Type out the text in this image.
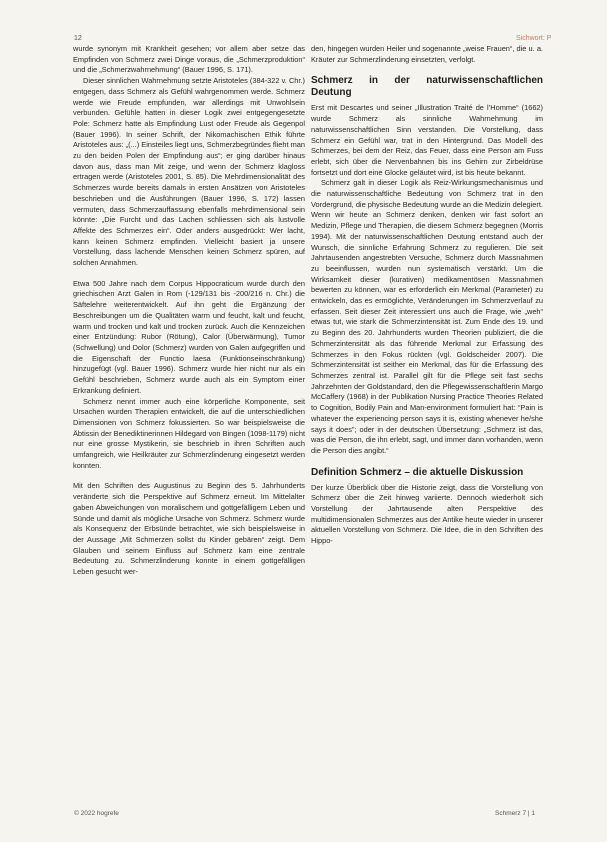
12	Sichwort: P

wurde synonym mit Krankheit gesehen; vor allem aber setze das Empfinden von Schmerz zwei Dinge voraus, die „Schmerzproduktion“ und die „Schmerzwahrnehmung“ (Bauer 1996, S. 171).

Dieser sinnlichen Wahrnehmung setzte Aristoteles (384-322 v. Chr.) entgegen, dass Schmerz als Gefühl wahrgenommen werde. Schmerz werde wie Freude empfunden, war allerdings mit Unwohlsein verbunden. Gefühle hatten in dieser Logik zwei entgegengesetzte Pole: Schmerz hatte als Empfindung Lust oder Freude als Gegenpol (Bauer 1996). In seiner Schrift, der Nikomachischen Ethik führte Aristoteles aus: „(...) Einsteiles liegt uns, Schmerzbegründes flieht man zu den beiden Polen der Empfindung aus“; er ging darüber hinaus davon aus, dass man Mit zeige, und wenn der Schmerz klagloss ertragen werde (Aristoteles 2001, S. 85). Die Mehrdimensionalität des Schmerzes wurde bereits damals in ersten Ansätzen von Aristoteles beschrieben und die Ausführungen (Bauer 1996, S. 172) lassen vermuten, dass Schmerzauffassung ebenfalls mehrdimensional sein könnte: „Die Furcht und das Lachen schliessen sich als lustvolle Affekte des Schmerzes ein“. Oder anders ausgedrückt: Wer lacht, kann keinen Schmerz empfinden. Vielleicht basiert ja unsere Vorstellung, dass lachende Menschen keinen Schmerz spüren, auf solchen Annahmen.

Etwa 500 Jahre nach dem Corpus Hippocraticum wurde durch den griechischen Arzt Galen in Rom (-129/131 bis -200/216 n. Chr.) die Säftelehre weiterentwickelt. Auf ihn geht die Ergänzung der Beschreibungen um die Qualitäten warm und feucht, kalt und feucht, warm und trocken und kalt und trocken zurück. Auch die Kennzeichen einer Entzündung: Rubor (Rötung), Calor (Überwärmung), Tumor (Schwellung) und Dolor (Schmerz) wurden von Galen aufgegriffen und die Eigenschaft der Functio laesa (Funktionseinschränkung) hinzugefügt (vgl. Bauer 1996). Schmerz wurde hier nicht nur als ein Gefühl beschrieben, Schmerz wurde auch als ein Symptom einer Erkrankung definiert.

Schmerz nennt immer auch eine körperliche Komponente, seit Ursachen wurden Therapien entwickelt, die auf die unterschiedlichen Dimensionen von Schmerz fokussierten. So war beispielsweise die Äbtissin der Benediktinerinnen Hildegard von Bingen (1098-1179) nicht nur eine grosse Mystikerin, sie beschrieb in ihren Schriften auch umfangreich, wie Heilkräuter zur Schmerzlinderung eingesetzt werden konnten.

Mit den Schriften des Augustinus zu Beginn des 5. Jahrhunderts veränderte sich die Perspektive auf Schmerz erneut. Im Mittelalter gaben Abweichungen von moralischem und gottgefälligem Leben und Sünde und damit als mögliche Ursache von Schmerz. Schmerz wurde als Konsequenz der Erbsünde betrachtet, wie sich beispielsweise in der Aussage „Mit Schmerzen sollst du Kinder gebären“ zeigt. Dem Glauben und seinem Einfluss auf Schmerz kam eine zentrale Bedeutung zu. Schmerzlinderung konnte in einem gottgefälligen Leben gesucht wer-

den, hingegen wurden Heiler und sogenannte „weise Frauen“, die u. a. Kräuter zur Schmerzlinderung einsetzten, verfolgt.

Schmerz in der naturwissenschaftlichen Deutung

Erst mit Descartes und seiner „Illustration Traité de l’Homme“ (1662) wurde Schmerz als sinnliche Wahrnehmung im naturwissenschaftlichen Sinn verstanden. Die Vorstellung, dass Schmerz ein Gefühl war, trat in den Hintergrund. Das Modell des Schmerzes, bei dem der Reiz, das Feuer, dass eine Person am Fuss erlebt, sich über die Nervenbahnen bis ins Gehirn zur Zirbeldrüse fortsetzt und dort eine Glocke geläutet wird, ist bis heute bekannt.

Schmerz galt in dieser Logik als Reiz-Wirkungsmechanismus und die naturwissenschaftliche Bedeutung von Schmerz trat in den Vordergrund, die physische Bedeutung wurde an die Medizin delegiert. Wenn wir heute an Schmerz denken, denken wir fast sofort an Medizin, Pflege und Therapien, die diesem Schmerz begegnen (Morris 1994). Mit der naturwissenschaftlichen Deutung entstand auch der Wunsch, die sinnliche Erfahrung Schmerz zu regulieren. Die seit Jahrtausenden angestrebten Versuche, Schmerz durch Massnahmen zu beeinflussen, wurden nun systematisch verstärkt. Um die Wirksamkeit dieser (kurativen) medikamentösen Massnahmen bewerten zu können, war es erforderlich ein Merkmal (Parameter) zu entwickeln, das es ermöglichte, Veränderungen im Schmerzverlauf zu erfassen. Seit dieser Zeit interessiert uns auch die Frage, wie „weh“ etwas tut, wie stark die Schmerzintensität ist. Zum Ende des 19. und zu Beginn des 20. Jahrhunderts wurden Theorien publiziert, die die Schmerzintensität als das führende Merkmal zur Erfassung des Schmerzes in den Fokus rückten (vgl. Goldscheider 2007). Die Schmerzintensität ist seither ein Merkmal, das für die Erfassung des Schmerzes zentral ist. Parallel gilt für die Pflege seit fast sechs Jahrzehnten der Goldstandard, den die Pflegewissenschaftlerin Margo McCaffery (1968) in der Publikation Nursing Practice Theories Related to Cognition, Bodily Pain and Man-environment formuliert hat: “Pain is whatever the experiencing person says it is, existing whenever he/she says it does”; oder in der deutschen Übersetzung: „Schmerz ist das, was die Person, die ihn erlebt, sagt, und immer dann vorhanden, wenn die Person dies angibt.“

Definition Schmerz – die aktuelle Diskussion

Der kurze Überblick über die Historie zeigt, dass die Vorstellung von Schmerz über die Zeit hinweg variierte. Dennoch wiederholt sich Vorstellung der Jahrtausende alten Perspektive des multidimensionalen Schmerzes aus der Antike heute wieder in unserer aktuellen Vorstellung von Schmerz. Die Idee, die in den Schriften des Hippo-

© 2022 hogrefe	Schmerz 7 | 1
